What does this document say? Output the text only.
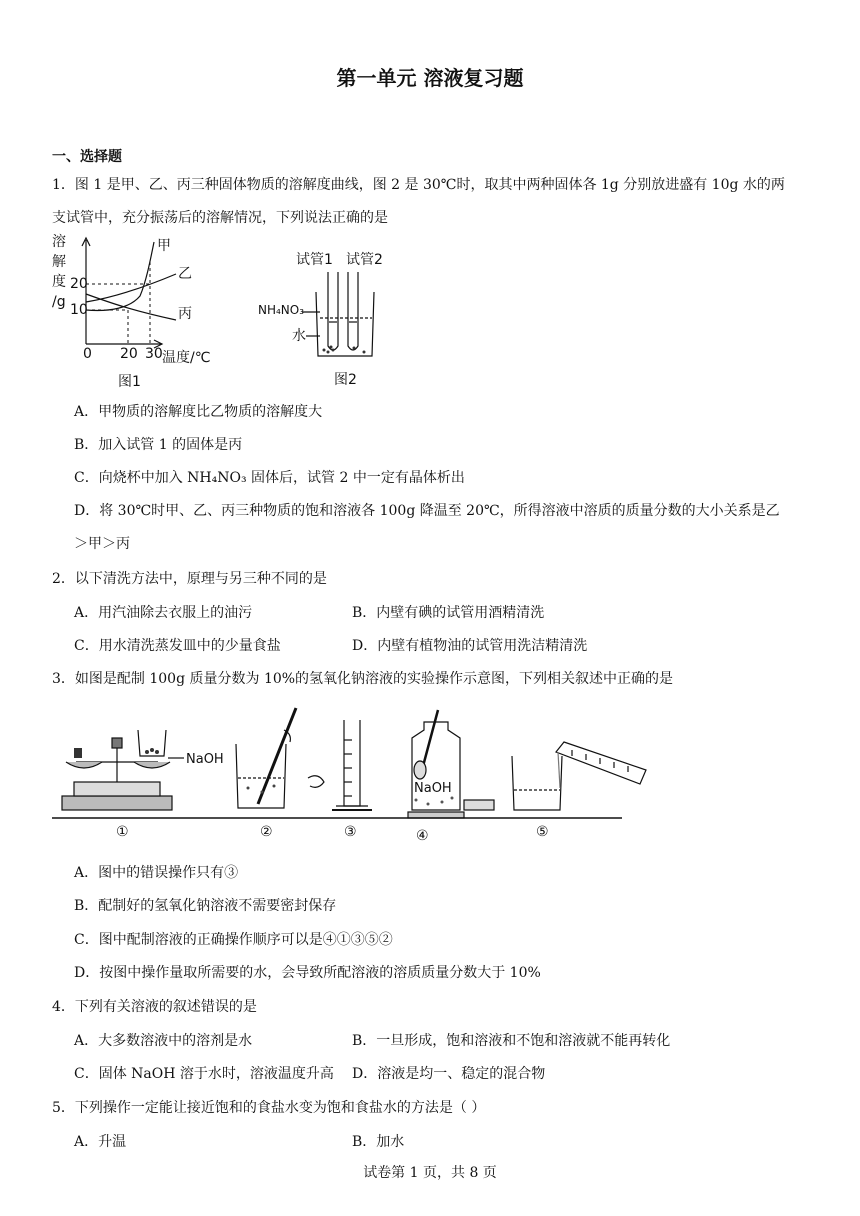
第一单元 溶液复习题
一、选择题
1．图 1 是甲、乙、丙三种固体物质的溶解度曲线，图 2 是 30℃时，取其中两种固体各 1g 分别放进盛有 10g 水的两
支试管中，充分振荡后的溶解情况，下列说法正确的是
溶
解
度
/g
20
10
0 20 30 温度/℃
甲
乙
丙
图1
试管1 试管2
NH₄NO₃
水
图2
A．甲物质的溶解度比乙物质的溶解度大
B．加入试管 1 的固体是丙
C．向烧杯中加入 NH₄NO₃ 固体后，试管 2 中一定有晶体析出
D．将 30℃时甲、乙、丙三种物质的饱和溶液各 100g 降温至 20℃，所得溶液中溶质的质量分数的大小关系是乙
＞甲＞丙
2．以下清洗方法中，原理与另三种不同的是
A．用汽油除去衣服上的油污	B．内壁有碘的试管用酒精清洗
C．用水清洗蒸发皿中的少量食盐	D．内壁有植物油的试管用洗洁精清洗
3．如图是配制 100g 质量分数为 10%的氢氧化钠溶液的实验操作示意图，下列相关叙述中正确的是
NaOH
NaOH
①	②	③	④	⑤
A．图中的错误操作只有③
B．配制好的氢氧化钠溶液不需要密封保存
C．图中配制溶液的正确操作顺序可以是④①③⑤②
D．按图中操作量取所需要的水，会导致所配溶液的溶质质量分数大于 10%
4．下列有关溶液的叙述错误的是
A．大多数溶液中的溶剂是水	B．一旦形成，饱和溶液和不饱和溶液就不能再转化
C．固体 NaOH 溶于水时，溶液温度升高 D．溶液是均一、稳定的混合物
5．下列操作一定能让接近饱和的食盐水变为饱和食盐水的方法是（ ）
A．升温	B．加水
试卷第 1 页，共 8 页
